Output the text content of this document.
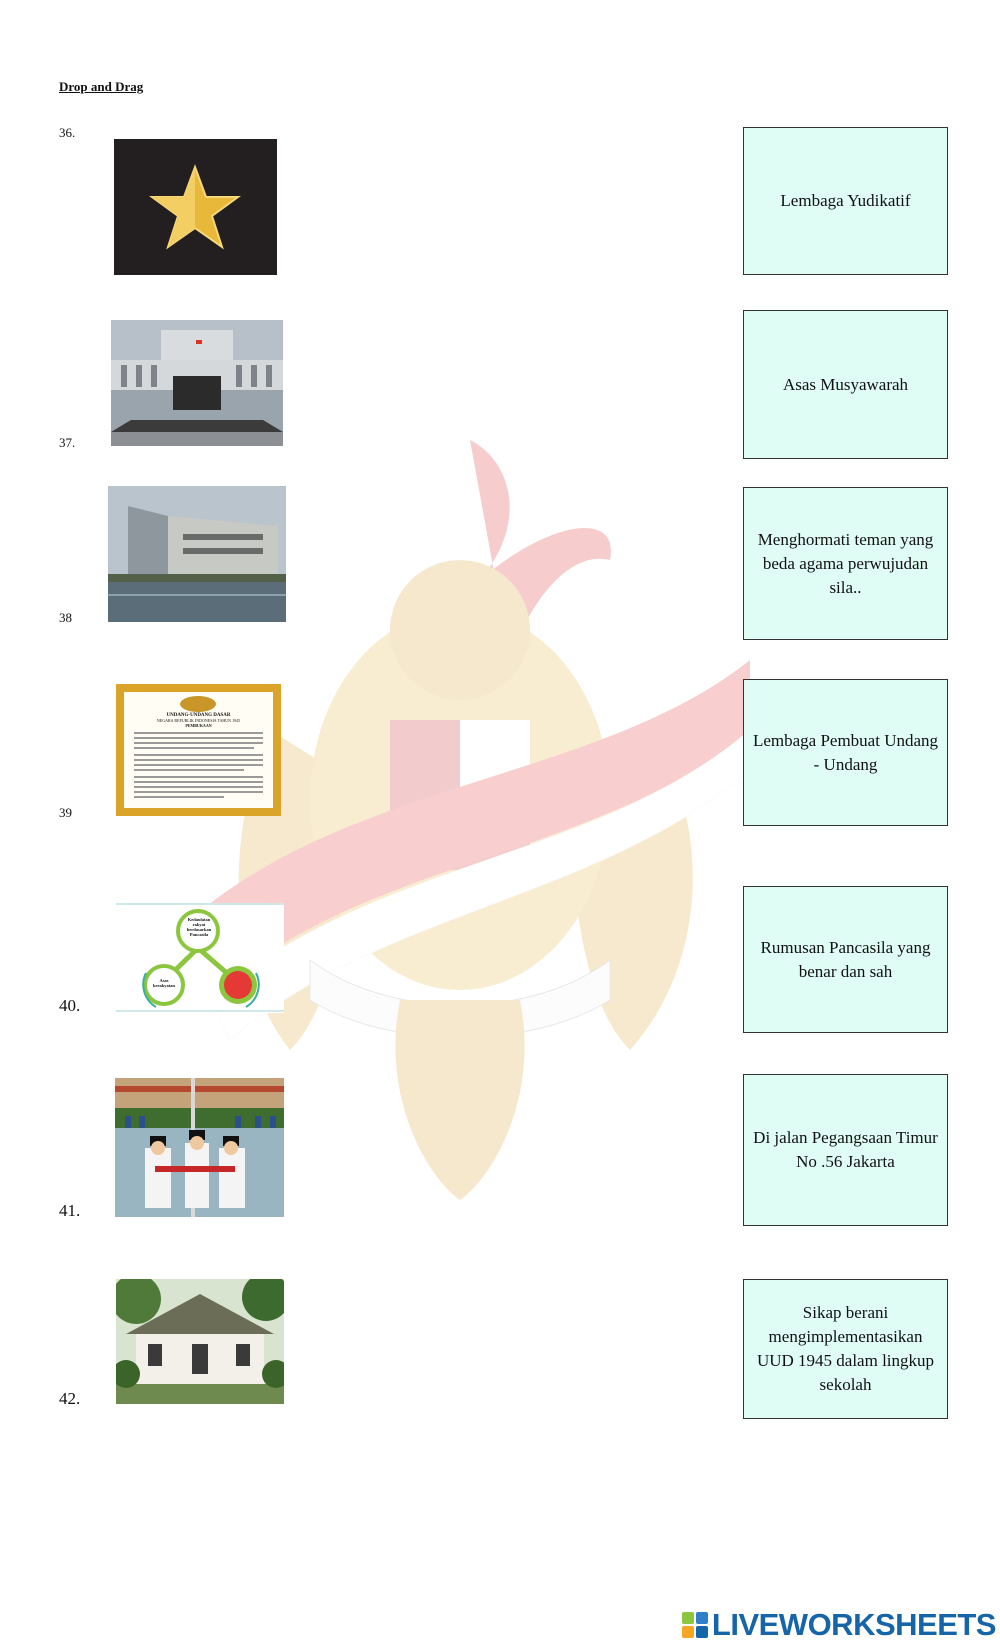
Drop and Drag
36.
Lembaga Yudikatif
37.
Asas Musyawarah
38
Menghormati teman yang beda agama perwujudan sila..
UNDANG-UNDANG DASAR
NEGARA REPUBLIK INDONESIA TAHUN 1945
PEMBUKAAN
39
Lembaga Pembuat Undang - Undang
Kedaulatan rakyat berdasarkan Pancasila
Asas kerakyatan
40.
Rumusan Pancasila yang benar dan sah
41.
Di jalan Pegangsaan Timur No .56 Jakarta
42.
Sikap berani mengimplementasikan UUD 1945 dalam lingkup sekolah
LIVEWORKSHEETS
